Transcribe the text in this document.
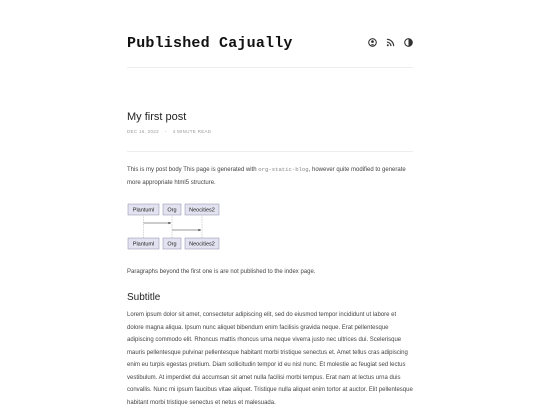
Published Cajually
My first post
DEC 16, 2022 - 4 MINUTE READ

This is my post body This page is generated with org-static-blog, however quite modified to generate more appropriate html5 structure.

Plantuml Org Neocities2
Plantuml Org Neocities2

Paragraphs beyond the first one is are not published to the index page.

Subtitle

Lorem ipsum dolor sit amet, consectetur adipiscing elit, sed do eiusmod tempor incididunt ut labore et dolore magna aliqua. Ipsum nunc aliquet bibendum enim facilisis gravida neque. Erat pellentesque adipiscing commodo elit. Rhoncus mattis rhoncus urna neque viverra justo nec ultrices dui. Scelerisque mauris pellentesque pulvinar pellentesque habitant morbi tristique senectus et. Amet tellus cras adipiscing enim eu turpis egestas pretium. Diam sollicitudin tempor id eu nisl nunc. Et molestie ac feugiat sed lectus vestibulum. At imperdiet dui accumsan sit amet nulla facilisi morbi tempus. Erat nam at lectus urna duis convallis. Nunc mi ipsum faucibus vitae aliquet. Tristique nulla aliquet enim tortor at auctor. Elit pellentesque habitant morbi tristique senectus et netus et malesuada.
